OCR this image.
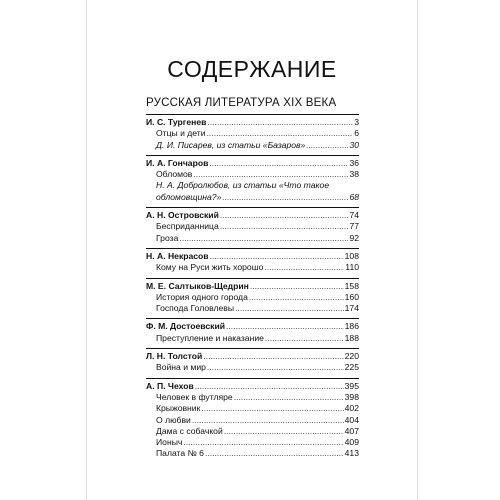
СОДЕРЖАНИЕ
РУССКАЯ ЛИТЕРАТУРА XIX ВЕКА
И. С. Тургенев .....	3
Отцы и дети .....	6
Д. И. Писарев, из статьи «Базаров» .....	30
И. А. Гончаров .....	36
Обломов .....	38
Н. А. Добролюбов, из статьи «Что такое
обломовщина?» .....	68
А. Н. Островский .....	74
Бесприданница .....	77
Гроза .....	92
Н. А. Некрасов .....	108
Кому на Руси жить хорошо .....	110
М. Е. Салтыков-Щедрин .....	158
История одного города .....	160
Господа Головлевы .....	174
Ф. М. Достоевский .....	186
Преступление и наказание .....	188
Л. Н. Толстой .....	220
Война и мир .....	225
А. П. Чехов .....	395
Человек в футляре .....	398
Крыжовник .....	402
О любви .....	404
Дама с собачкой .....	407
Ионыч .....	409
Палата № 6 .....	413
